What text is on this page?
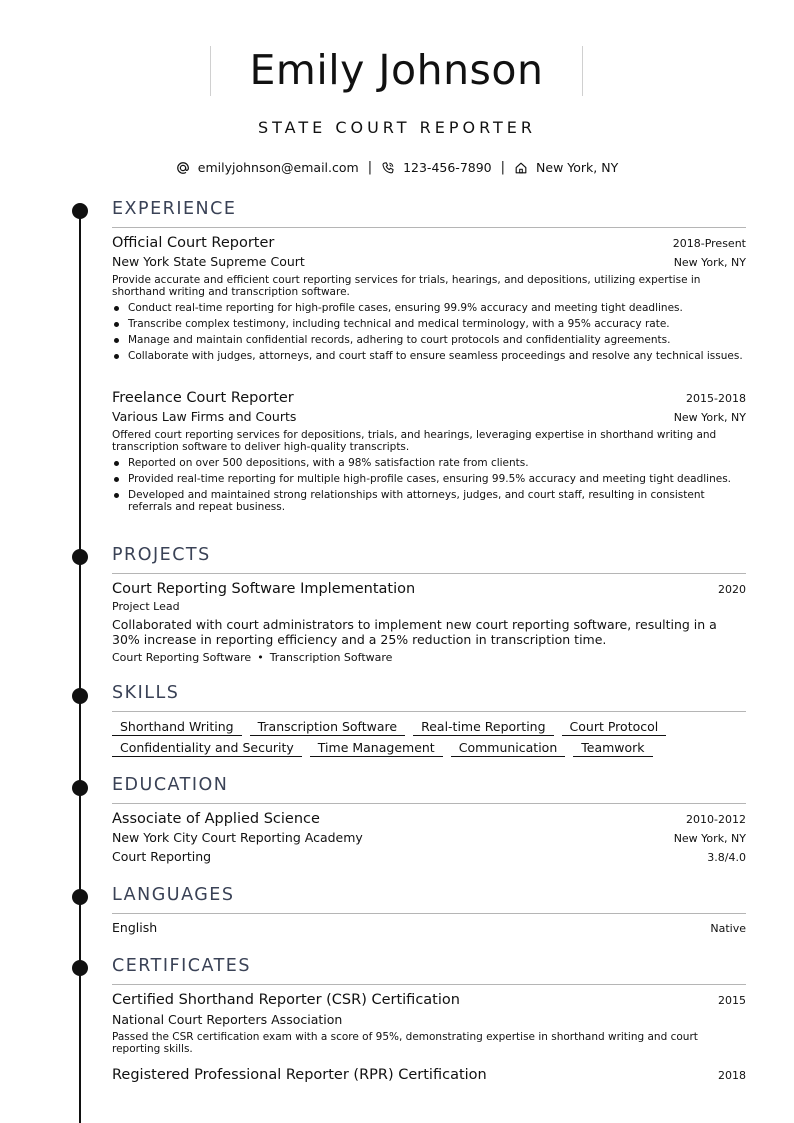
Emily Johnson
STATE COURT REPORTER
emilyjohnson@email.com | 123-456-7890 | New York, NY
EXPERIENCE
Official Court Reporter	2018-Present
New York State Supreme Court	New York, NY
Provide accurate and efficient court reporting services for trials, hearings, and depositions, utilizing expertise in shorthand writing and transcription software.
Conduct real-time reporting for high-profile cases, ensuring 99.9% accuracy and meeting tight deadlines.
Transcribe complex testimony, including technical and medical terminology, with a 95% accuracy rate.
Manage and maintain confidential records, adhering to court protocols and confidentiality agreements.
Collaborate with judges, attorneys, and court staff to ensure seamless proceedings and resolve any technical issues.
Freelance Court Reporter	2015-2018
Various Law Firms and Courts	New York, NY
Offered court reporting services for depositions, trials, and hearings, leveraging expertise in shorthand writing and transcription software to deliver high-quality transcripts.
Reported on over 500 depositions, with a 98% satisfaction rate from clients.
Provided real-time reporting for multiple high-profile cases, ensuring 99.5% accuracy and meeting tight deadlines.
Developed and maintained strong relationships with attorneys, judges, and court staff, resulting in consistent referrals and repeat business.
PROJECTS
Court Reporting Software Implementation	2020
Project Lead
Collaborated with court administrators to implement new court reporting software, resulting in a 30% increase in reporting efficiency and a 25% reduction in transcription time.
Court Reporting Software • Transcription Software
SKILLS
Shorthand Writing	Transcription Software	Real-time Reporting	Court Protocol
Confidentiality and Security	Time Management	Communication	Teamwork
EDUCATION
Associate of Applied Science	2010-2012
New York City Court Reporting Academy	New York, NY
Court Reporting	3.8/4.0
LANGUAGES
English	Native
CERTIFICATES
Certified Shorthand Reporter (CSR) Certification	2015
National Court Reporters Association
Passed the CSR certification exam with a score of 95%, demonstrating expertise in shorthand writing and court reporting skills.
Registered Professional Reporter (RPR) Certification	2018
